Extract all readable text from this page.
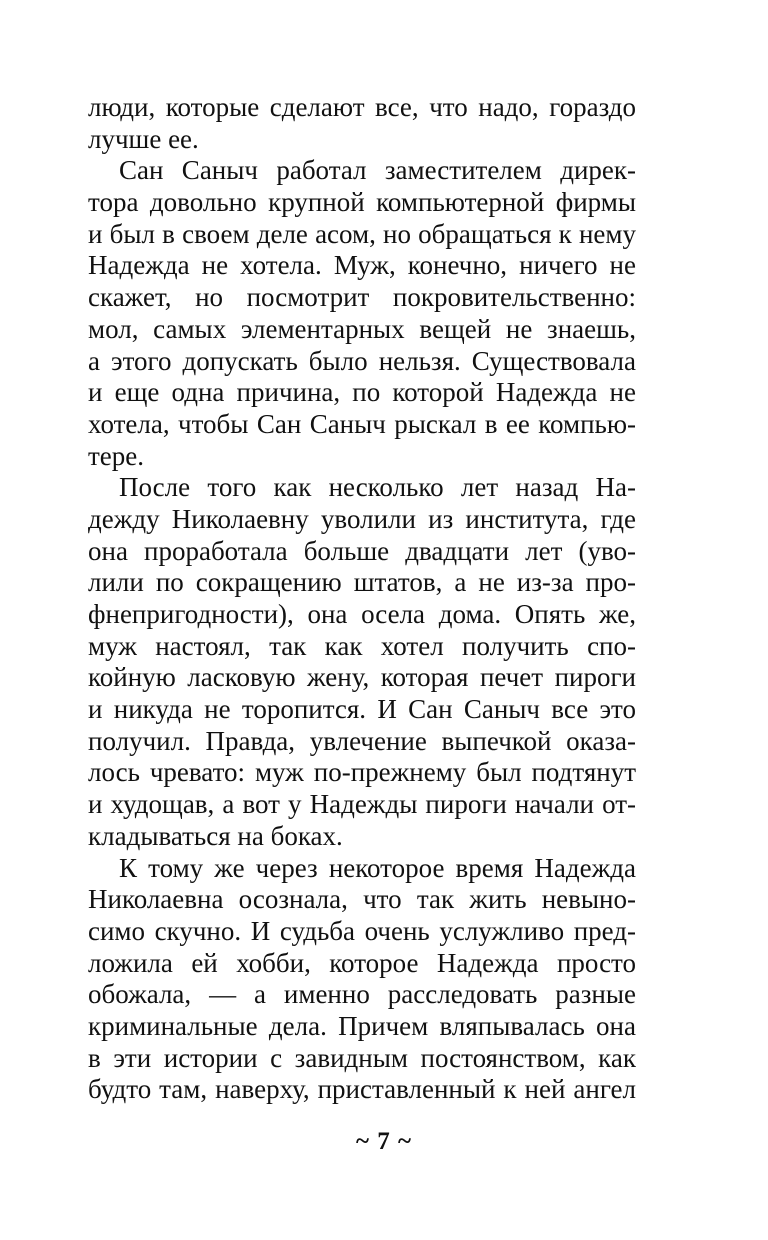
люди, которые сделают все, что надо, гораздо
лучше ее.
Сан Саныч работал заместителем дирек-
тора довольно крупной компьютерной фирмы
и был в своем деле асом, но обращаться к нему
Надежда не хотела. Муж, конечно, ничего не
скажет, но посмотрит покровительственно:
мол, самых элементарных вещей не знаешь,
а этого допускать было нельзя. Существовала
и еще одна причина, по которой Надежда не
хотела, чтобы Сан Саныч рыскал в ее компью-
тере.
После того как несколько лет назад На-
дежду Николаевну уволили из института, где
она проработала больше двадцати лет (уво-
лили по сокращению штатов, а не из-за про-
фнепригодности), она осела дома. Опять же,
муж настоял, так как хотел получить спо-
койную ласковую жену, которая печет пироги
и никуда не торопится. И Сан Саныч все это
получил. Правда, увлечение выпечкой оказа-
лось чревато: муж по-прежнему был подтянут
и худощав, а вот у Надежды пироги начали от-
кладываться на боках.
К тому же через некоторое время Надежда
Николаевна осознала, что так жить невыно-
симо скучно. И судьба очень услужливо пред-
ложила ей хобби, которое Надежда просто
обожала, — а именно расследовать разные
криминальные дела. Причем вляпывалась она
в эти истории с завидным постоянством, как
будто там, наверху, приставленный к ней ангел
~ 7 ~
